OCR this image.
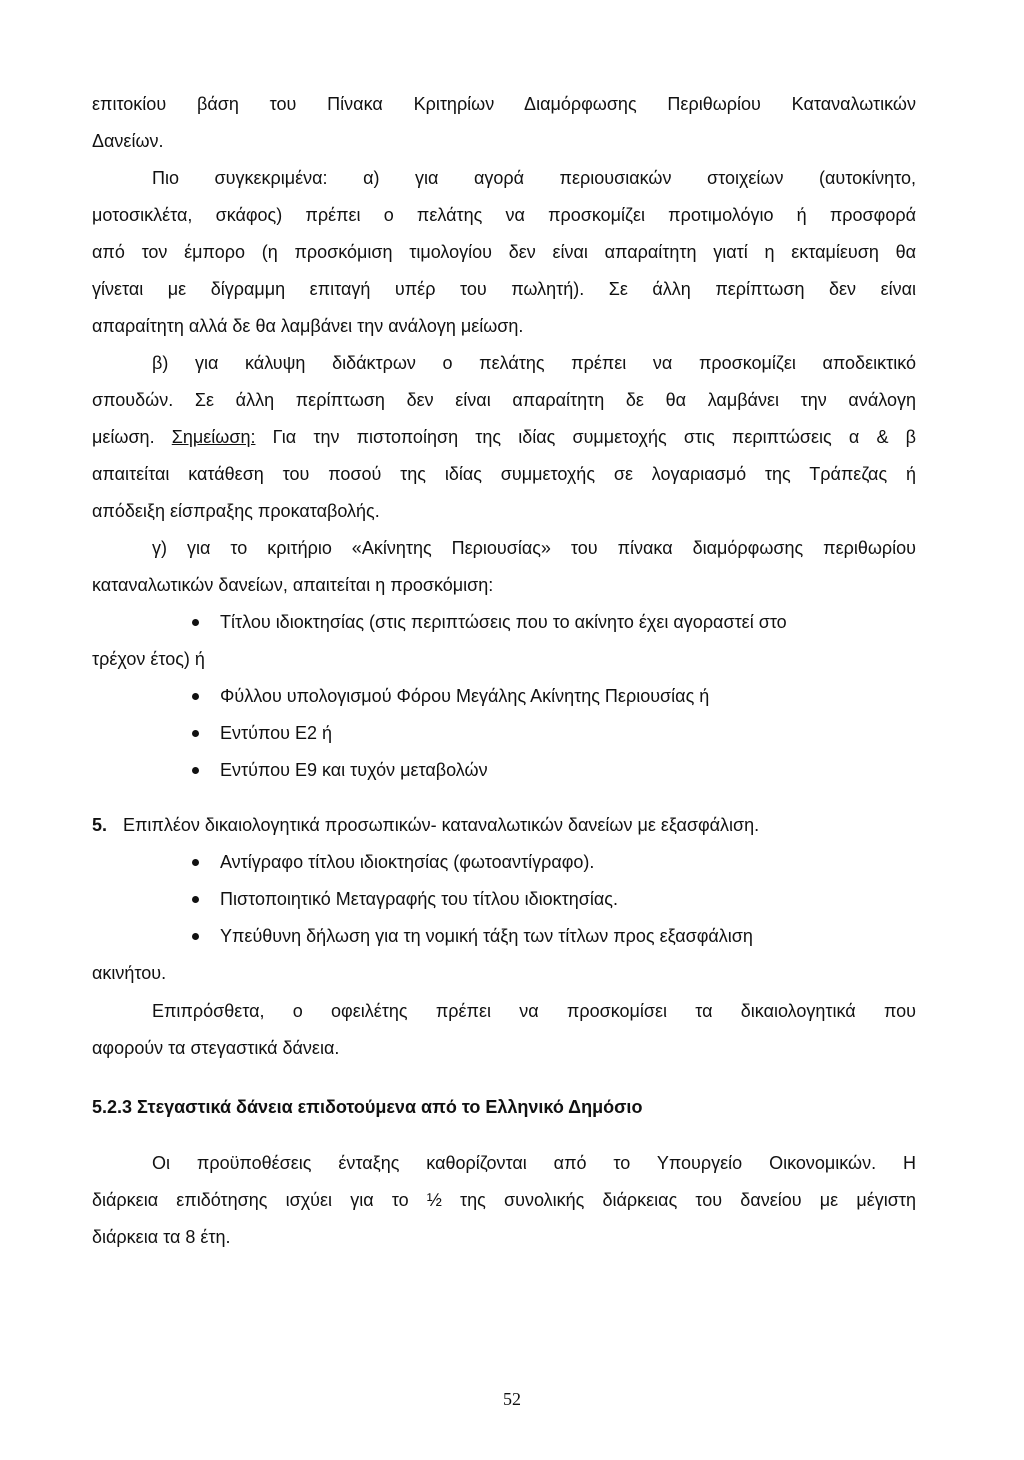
επιτοκίου βάση του Πίνακα Κριτηρίων Διαμόρφωσης Περιθωρίου Καταναλωτικών
Δανείων.
Πιο συγκεκριμένα: α) για αγορά περιουσιακών στοιχείων (αυτοκίνητο,
μοτοσικλέτα, σκάφος) πρέπει ο πελάτης να προσκομίζει προτιμολόγιο ή προσφορά
από τον έμπορο (η προσκόμιση τιμολογίου δεν είναι απαραίτητη γιατί η εκταμίευση θα
γίνεται με δίγραμμη επιταγή υπέρ του πωλητή). Σε άλλη περίπτωση δεν είναι
απαραίτητη αλλά δε θα λαμβάνει την ανάλογη μείωση.
β) για κάλυψη διδάκτρων ο πελάτης πρέπει να προσκομίζει αποδεικτικό
σπουδών. Σε άλλη περίπτωση δεν είναι απαραίτητη δε θα λαμβάνει την ανάλογη
μείωση. Σημείωση: Για την πιστοποίηση της ιδίας συμμετοχής στις περιπτώσεις α & β
απαιτείται κατάθεση του ποσού της ιδίας συμμετοχής σε λογαριασμό της Τράπεζας ή
απόδειξη είσπραξης προκαταβολής.
γ) για το κριτήριο «Ακίνητης Περιουσίας» του πίνακα διαμόρφωσης περιθωρίου
καταναλωτικών δανείων, απαιτείται η προσκόμιση:
Τίτλου ιδιοκτησίας (στις περιπτώσεις που το ακίνητο έχει αγοραστεί στο
τρέχον έτος) ή
Φύλλου υπολογισμού Φόρου Μεγάλης Ακίνητης Περιουσίας ή
Εντύπου Ε2 ή
Εντύπου Ε9 και τυχόν μεταβολών
5. Επιπλέον δικαιολογητικά προσωπικών- καταναλωτικών δανείων με εξασφάλιση.
Αντίγραφο τίτλου ιδιοκτησίας (φωτοαντίγραφο).
Πιστοποιητικό Μεταγραφής του τίτλου ιδιοκτησίας.
Υπεύθυνη δήλωση για τη νομική τάξη των τίτλων προς εξασφάλιση
ακινήτου.
Επιπρόσθετα, ο οφειλέτης πρέπει να προσκομίσει τα δικαιολογητικά που
αφορούν τα στεγαστικά δάνεια.
5.2.3 Στεγαστικά δάνεια επιδοτούμενα από το Ελληνικό Δημόσιο
Οι προϋποθέσεις ένταξης καθορίζονται από το Υπουργείο Οικονομικών. Η
διάρκεια επιδότησης ισχύει για το ½ της συνολικής διάρκειας του δανείου με μέγιστη
διάρκεια τα 8 έτη.
52
